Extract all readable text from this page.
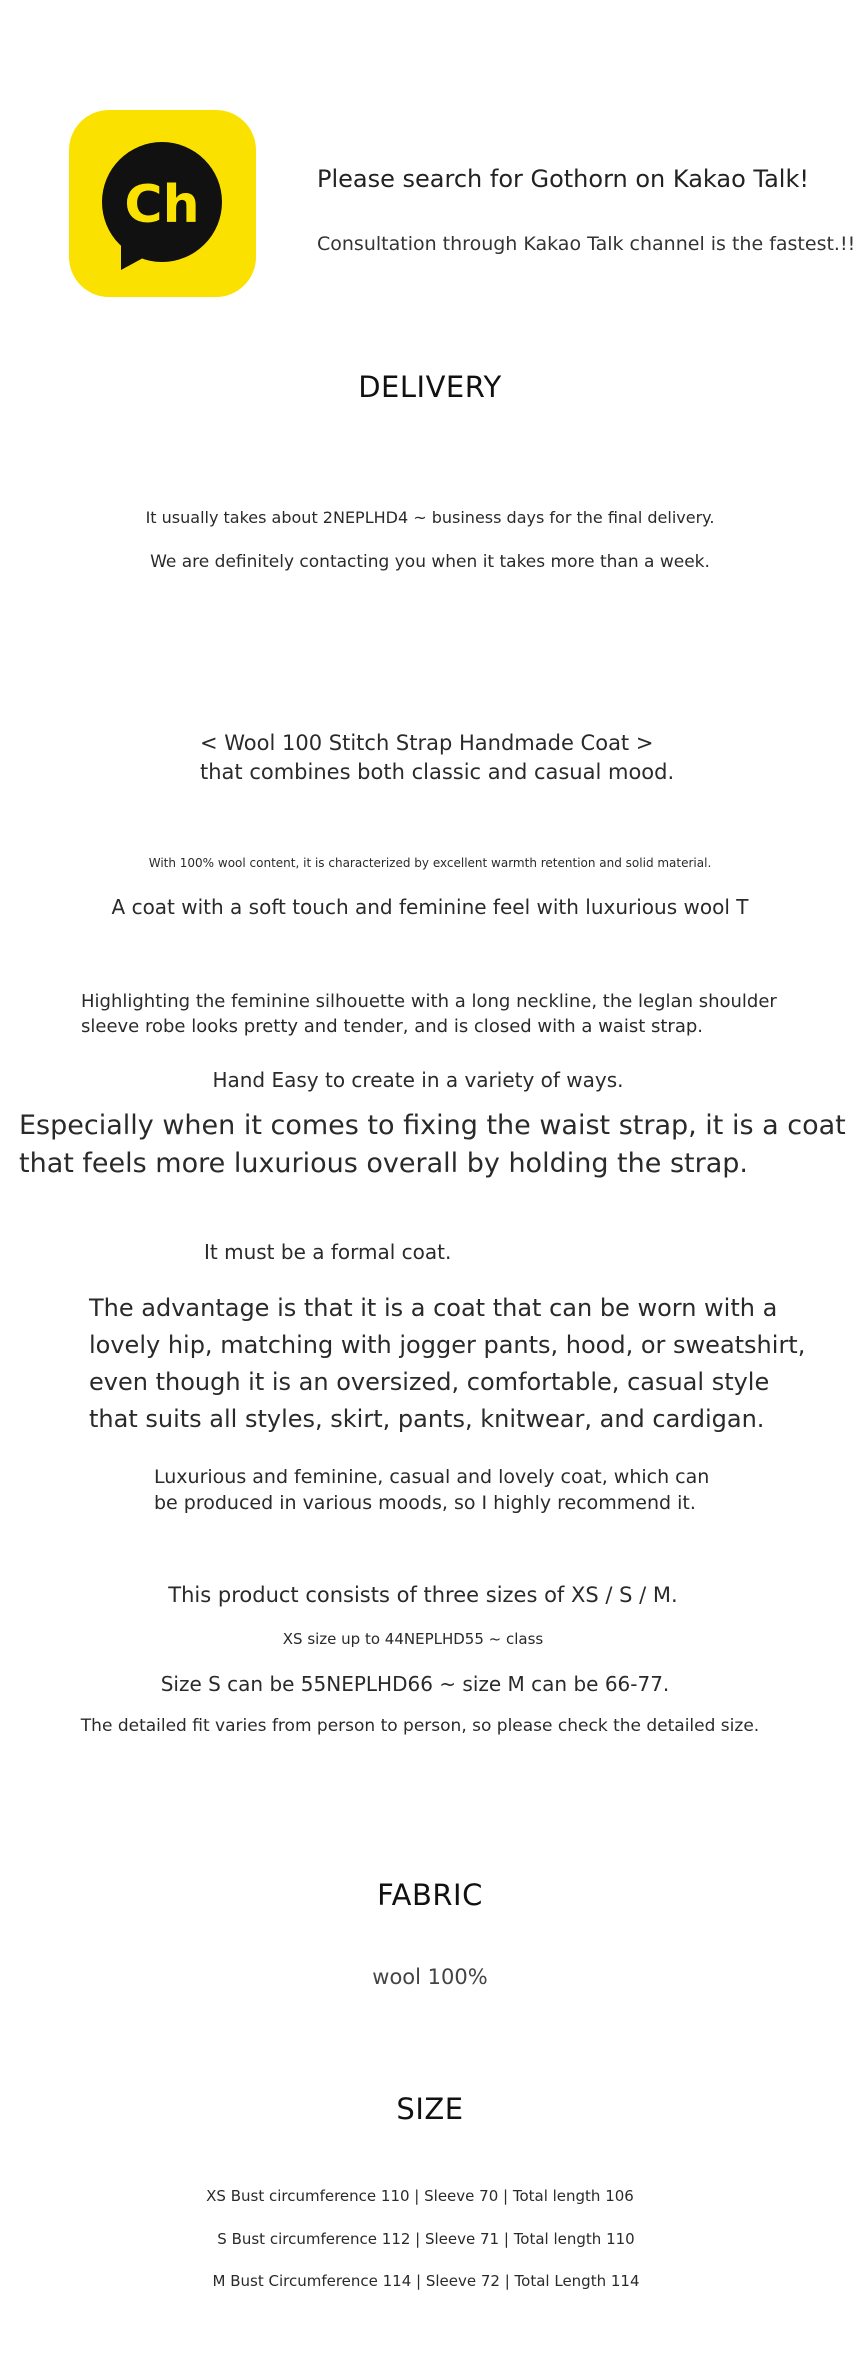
Ch	Please search for Gothorn on Kakao Talk!
Consultation through Kakao Talk channel is the fastest.!!
DELIVERY
It usually takes about 2NEPLHD4 ~ business days for the final delivery.
We are definitely contacting you when it takes more than a week.
< Wool 100 Stitch Strap Handmade Coat >
that combines both classic and casual mood.
With 100% wool content, it is characterized by excellent warmth retention and solid material.
A coat with a soft touch and feminine feel with luxurious wool T
Highlighting the feminine silhouette with a long neckline, the leglan shoulder
sleeve robe looks pretty and tender, and is closed with a waist strap.
Hand Easy to create in a variety of ways.
Especially when it comes to fixing the waist strap, it is a coat
that feels more luxurious overall by holding the strap.
It must be a formal coat.
The advantage is that it is a coat that can be worn with a
lovely hip, matching with jogger pants, hood, or sweatshirt,
even though it is an oversized, comfortable, casual style
that suits all styles, skirt, pants, knitwear, and cardigan.
Luxurious and feminine, casual and lovely coat, which can
be produced in various moods, so I highly recommend it.
This product consists of three sizes of XS / S / M.
XS size up to 44NEPLHD55 ~ class
Size S can be 55NEPLHD66 ~ size M can be 66-77.
The detailed fit varies from person to person, so please check the detailed size.
FABRIC
wool 100%
SIZE
XS Bust circumference 110 | Sleeve 70 | Total length 106
S Bust circumference 112 | Sleeve 71 | Total length 110
M Bust Circumference 114 | Sleeve 72 | Total Length 114
